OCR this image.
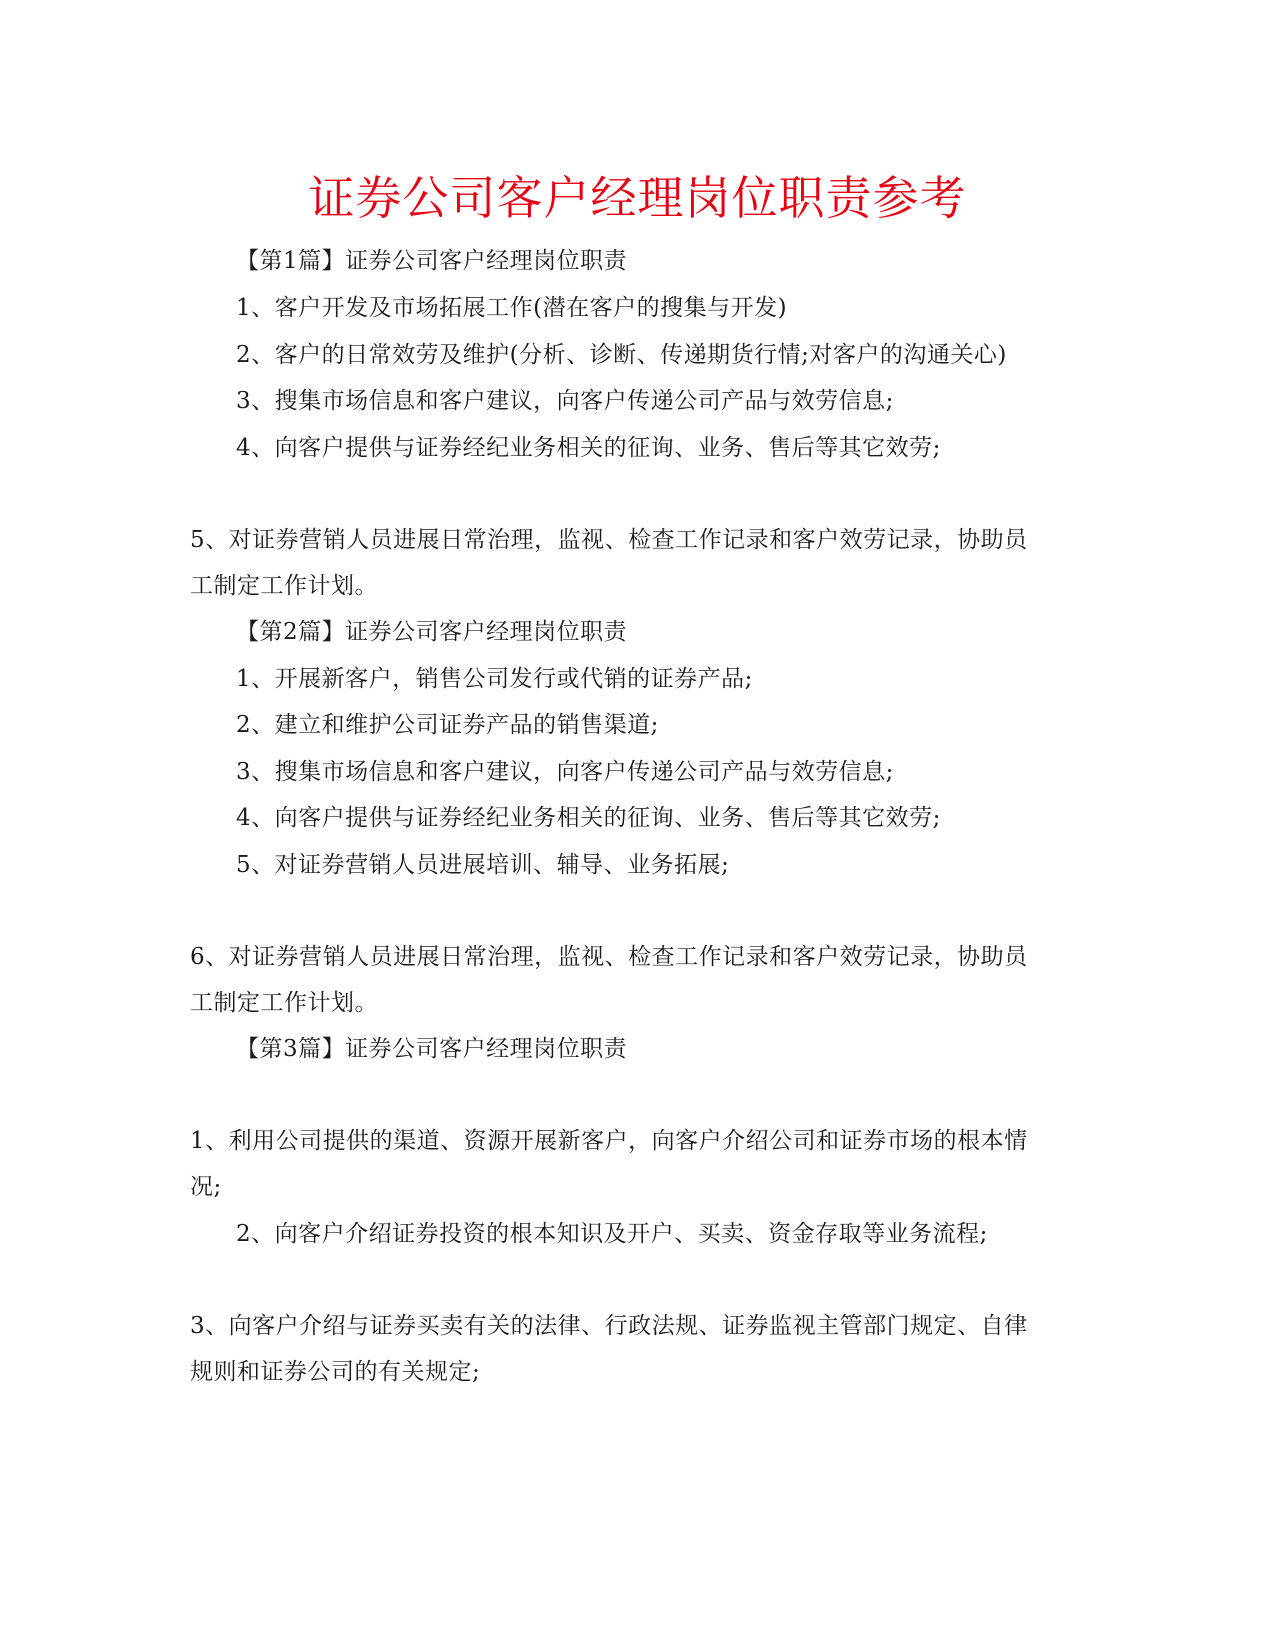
证券公司客户经理岗位职责参考
【第1篇】证券公司客户经理岗位职责
1、客户开发及市场拓展工作(潜在客户的搜集与开发)
2、客户的日常效劳及维护(分析、诊断、传递期货行情;对客户的沟通关心)
3、搜集市场信息和客户建议，向客户传递公司产品与效劳信息;
4、向客户提供与证券经纪业务相关的征询、业务、售后等其它效劳;
5、对证券营销人员进展日常治理，监视、检查工作记录和客户效劳记录，协助员
工制定工作计划。
【第2篇】证券公司客户经理岗位职责
1、开展新客户，销售公司发行或代销的证券产品;
2、建立和维护公司证券产品的销售渠道;
3、搜集市场信息和客户建议，向客户传递公司产品与效劳信息;
4、向客户提供与证券经纪业务相关的征询、业务、售后等其它效劳;
5、对证券营销人员进展培训、辅导、业务拓展;
6、对证券营销人员进展日常治理，监视、检查工作记录和客户效劳记录，协助员
工制定工作计划。
【第3篇】证券公司客户经理岗位职责
1、利用公司提供的渠道、资源开展新客户，向客户介绍公司和证券市场的根本情
况;
2、向客户介绍证券投资的根本知识及开户、买卖、资金存取等业务流程;
3、向客户介绍与证券买卖有关的法律、行政法规、证券监视主管部门规定、自律
规则和证券公司的有关规定;
